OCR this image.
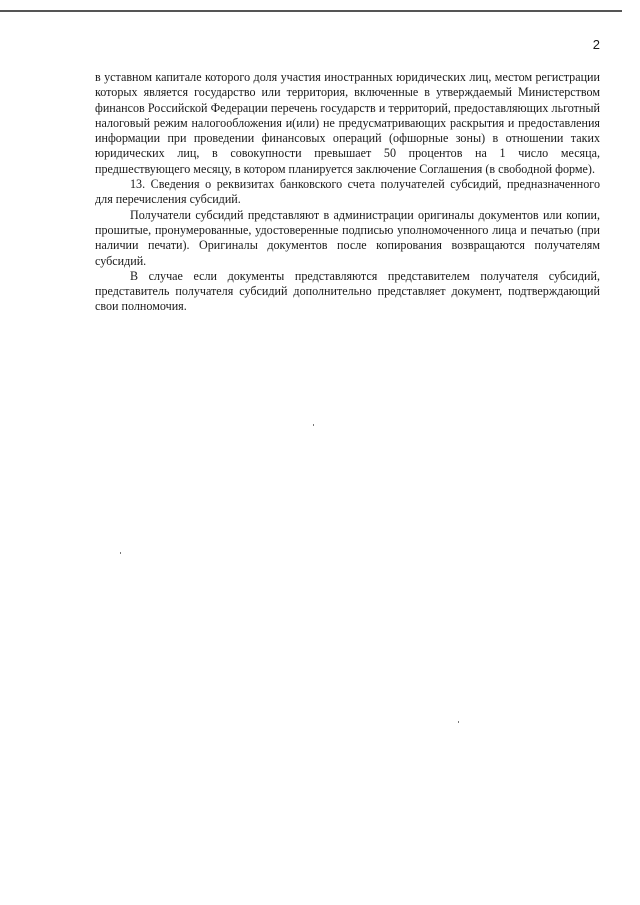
2

в уставном капитале которого доля участия иностранных юридических лиц, местом регистрации которых является государство или территория, включенные в утверждаемый Министерством финансов Российской Федерации перечень государств и территорий, предоставляющих льготный налоговый режим налогообложения и(или) не предусматривающих раскрытия и предоставления информации при проведении финансовых операций (офшорные зоны) в отношении таких юридических лиц, в совокупности превышает 50 процентов на 1 число месяца, предшествующего месяцу, в котором планируется заключение Соглашения (в свободной форме).

13. Сведения о реквизитах банковского счета получателей субсидий, предназначенного для перечисления субсидий.

Получатели субсидий представляют в администрации оригиналы документов или копии, прошитые, пронумерованные, удостоверенные подписью уполномоченного лица и печатью (при наличии печати). Оригиналы документов после копирования возвращаются получателям субсидий.

В случае если документы представляются представителем получателя субсидий, представитель получателя субсидий дополнительно представляет документ, подтверждающий свои полномочия.
